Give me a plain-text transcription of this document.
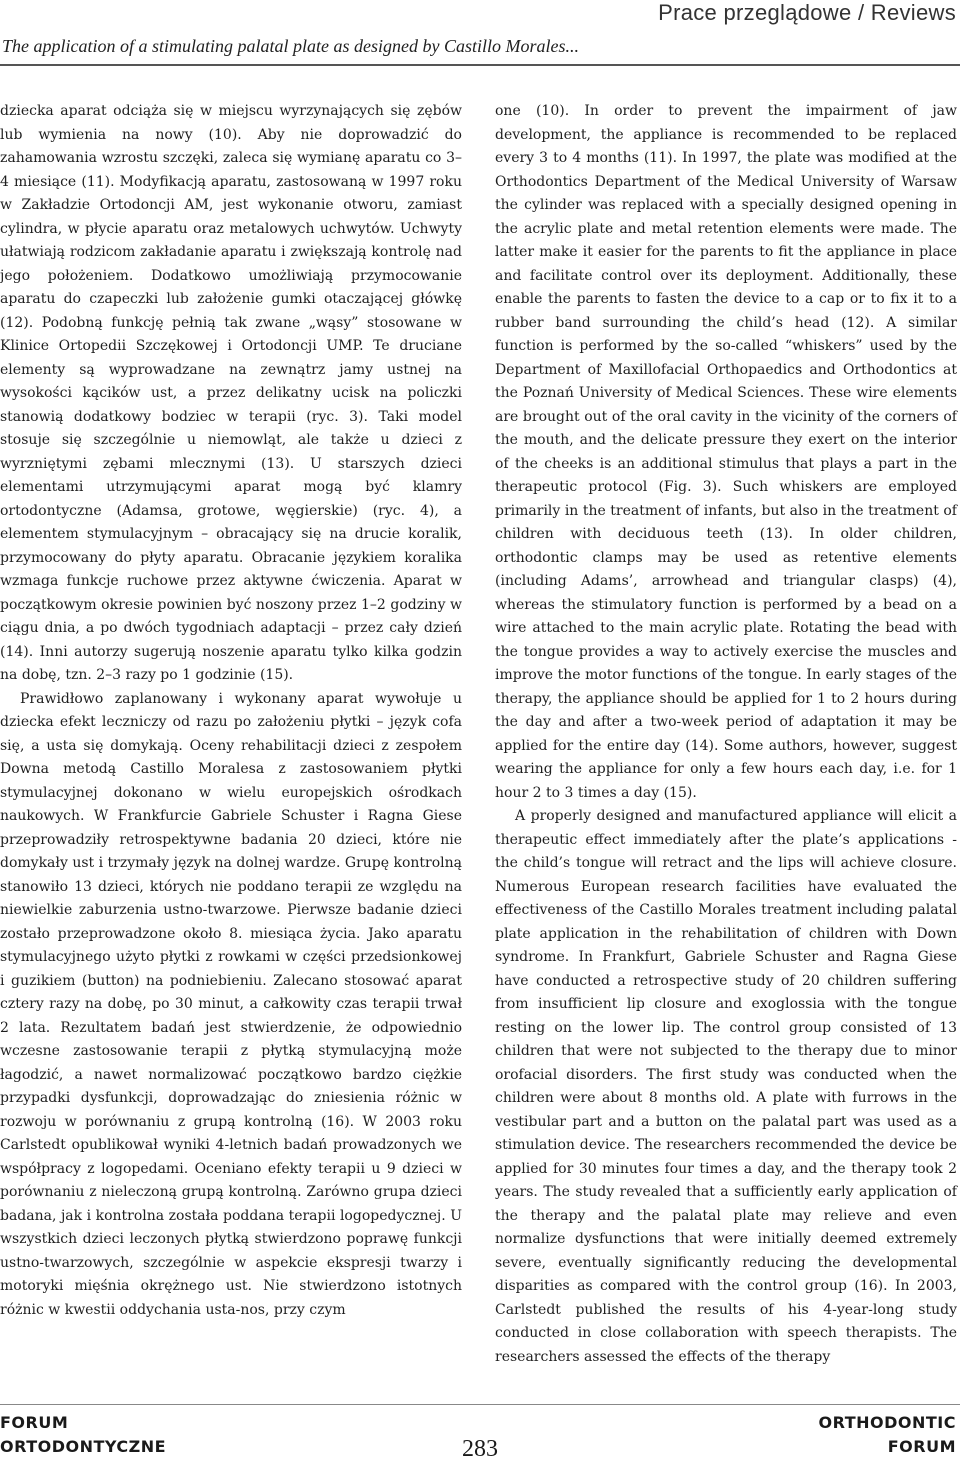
Prace przeglądowe / Reviews
The application of a stimulating palatal plate as designed by Castillo Morales...

dziecka aparat odciąża się w miejscu wyrzynających się zębów lub wymienia na nowy (10). Aby nie doprowadzić do zahamowania wzrostu szczęki, zaleca się wymianę aparatu co 3–4 miesiące (11). Modyfikacją aparatu, zastosowaną w 1997 roku w Zakładzie Ortodoncji AM, jest wykonanie otworu, zamiast cylindra, w płycie aparatu oraz metalowych uchwytów. Uchwyty ułatwiają rodzicom zakładanie aparatu i zwiększają kontrolę nad jego położeniem. Dodatkowo umożliwiają przymocowanie aparatu do czapeczki lub założenie gumki otaczającej główkę (12). Podobną funkcję pełnią tak zwane „wąsy” stosowane w Klinice Ortopedii Szczękowej i Ortodoncji UMP. Te druciane elementy są wyprowadzane na zewnątrz jamy ustnej na wysokości kącików ust, a przez delikatny ucisk na policzki stanowią dodatkowy bodziec w terapii (ryc. 3). Taki model stosuje się szczególnie u niemowląt, ale także u dzieci z wyrzniętymi zębami mlecznymi (13). U starszych dzieci elementami utrzymującymi aparat mogą być klamry ortodontyczne (Adamsa, grotowe, węgierskie) (ryc. 4), a elementem stymulacyjnym – obracający się na drucie koralik, przymocowany do płyty aparatu. Obracanie językiem koralika wzmaga funkcje ruchowe przez aktywne ćwiczenia. Aparat w początkowym okresie powinien być noszony przez 1–2 godziny w ciągu dnia, a po dwóch tygodniach adaptacji – przez cały dzień (14). Inni autorzy sugerują noszenie aparatu tylko kilka godzin na dobę, tzn. 2–3 razy po 1 godzinie (15).

Prawidłowo zaplanowany i wykonany aparat wywołuje u dziecka efekt leczniczy od razu po założeniu płytki – język cofa się, a usta się domykają. Oceny rehabilitacji dzieci z zespołem Downa metodą Castillo Moralesa z zastosowaniem płytki stymulacyjnej dokonano w wielu europejskich ośrodkach naukowych. W Frankfurcie Gabriele Schuster i Ragna Giese przeprowadziły retrospektywne badania 20 dzieci, które nie domykały ust i trzymały język na dolnej wardze. Grupę kontrolną stanowiło 13 dzieci, których nie poddano terapii ze względu na niewielkie zaburzenia ustno-twarzowe. Pierwsze badanie dzieci zostało przeprowadzone około 8. miesiąca życia. Jako aparatu stymulacyjnego użyto płytki z rowkami w części przedsionkowej i guzikiem (button) na podniebieniu. Zalecano stosować aparat cztery razy na dobę, po 30 minut, a całkowity czas terapii trwał 2 lata. Rezultatem badań jest stwierdzenie, że odpowiednio wczesne zastosowanie terapii z płytką stymulacyjną może łagodzić, a nawet normalizować początkowo bardzo ciężkie przypadki dysfunkcji, doprowadzając do zniesienia różnic w rozwoju w porównaniu z grupą kontrolną (16). W 2003 roku Carlstedt opublikował wyniki 4-letnich badań prowadzonych we współpracy z logopedami. Oceniano efekty terapii u 9 dzieci w porównaniu z nieleczoną grupą kontrolną. Zarówno grupa dzieci badana, jak i kontrolna została poddana terapii logopedycznej. U wszystkich dzieci leczonych płytką stwierdzono poprawę funkcji ustno-twarzowych, szczególnie w aspekcie ekspresji twarzy i motoryki mięśnia okrężnego ust. Nie stwierdzono istotnych różnic w kwestii oddychania usta-nos, przy czym

one (10). In order to prevent the impairment of jaw development, the appliance is recommended to be replaced every 3 to 4 months (11). In 1997, the plate was modified at the Orthodontics Department of the Medical University of Warsaw the cylinder was replaced with a specially designed opening in the acrylic plate and metal retention elements were made. The latter make it easier for the parents to fit the appliance in place and facilitate control over its deployment. Additionally, these enable the parents to fasten the device to a cap or to fix it to a rubber band surrounding the child’s head (12). A similar function is performed by the so-called “whiskers” used by the Department of Maxillofacial Orthopaedics and Orthodontics at the Poznań University of Medical Sciences. These wire elements are brought out of the oral cavity in the vicinity of the corners of the mouth, and the delicate pressure they exert on the interior of the cheeks is an additional stimulus that plays a part in the therapeutic protocol (Fig. 3). Such whiskers are employed primarily in the treatment of infants, but also in the treatment of children with deciduous teeth (13). In older children, orthodontic clamps may be used as retentive elements (including Adams’, arrowhead and triangular clasps) (4), whereas the stimulatory function is performed by a bead on a wire attached to the main acrylic plate. Rotating the bead with the tongue provides a way to actively exercise the muscles and improve the motor functions of the tongue. In early stages of the therapy, the appliance should be applied for 1 to 2 hours during the day and after a two-week period of adaptation it may be applied for the entire day (14). Some authors, however, suggest wearing the appliance for only a few hours each day, i.e. for 1 hour 2 to 3 times a day (15).

A properly designed and manufactured appliance will elicit a therapeutic effect immediately after the plate’s applications - the child’s tongue will retract and the lips will achieve closure. Numerous European research facilities have evaluated the effectiveness of the Castillo Morales treatment including palatal plate application in the rehabilitation of children with Down syndrome. In Frankfurt, Gabriele Schuster and Ragna Giese have conducted a retrospective study of 20 children suffering from insufficient lip closure and exoglossia with the tongue resting on the lower lip. The control group consisted of 13 children that were not subjected to the therapy due to minor orofacial disorders. The first study was conducted when the children were about 8 months old. A plate with furrows in the vestibular part and a button on the palatal part was used as a stimulation device. The researchers recommended the device be applied for 30 minutes four times a day, and the therapy took 2 years. The study revealed that a sufficiently early application of the therapy and the palatal plate may relieve and even normalize dysfunctions that were initially deemed extremely severe, eventually significantly reducing the developmental disparities as compared with the control group (16). In 2003, Carlstedt published the results of his 4-year-long study conducted in close collaboration with speech therapists. The researchers assessed the effects of the therapy

FORUM
ORTODONTYCZNE	283
ORTHODONTIC
FORUM
